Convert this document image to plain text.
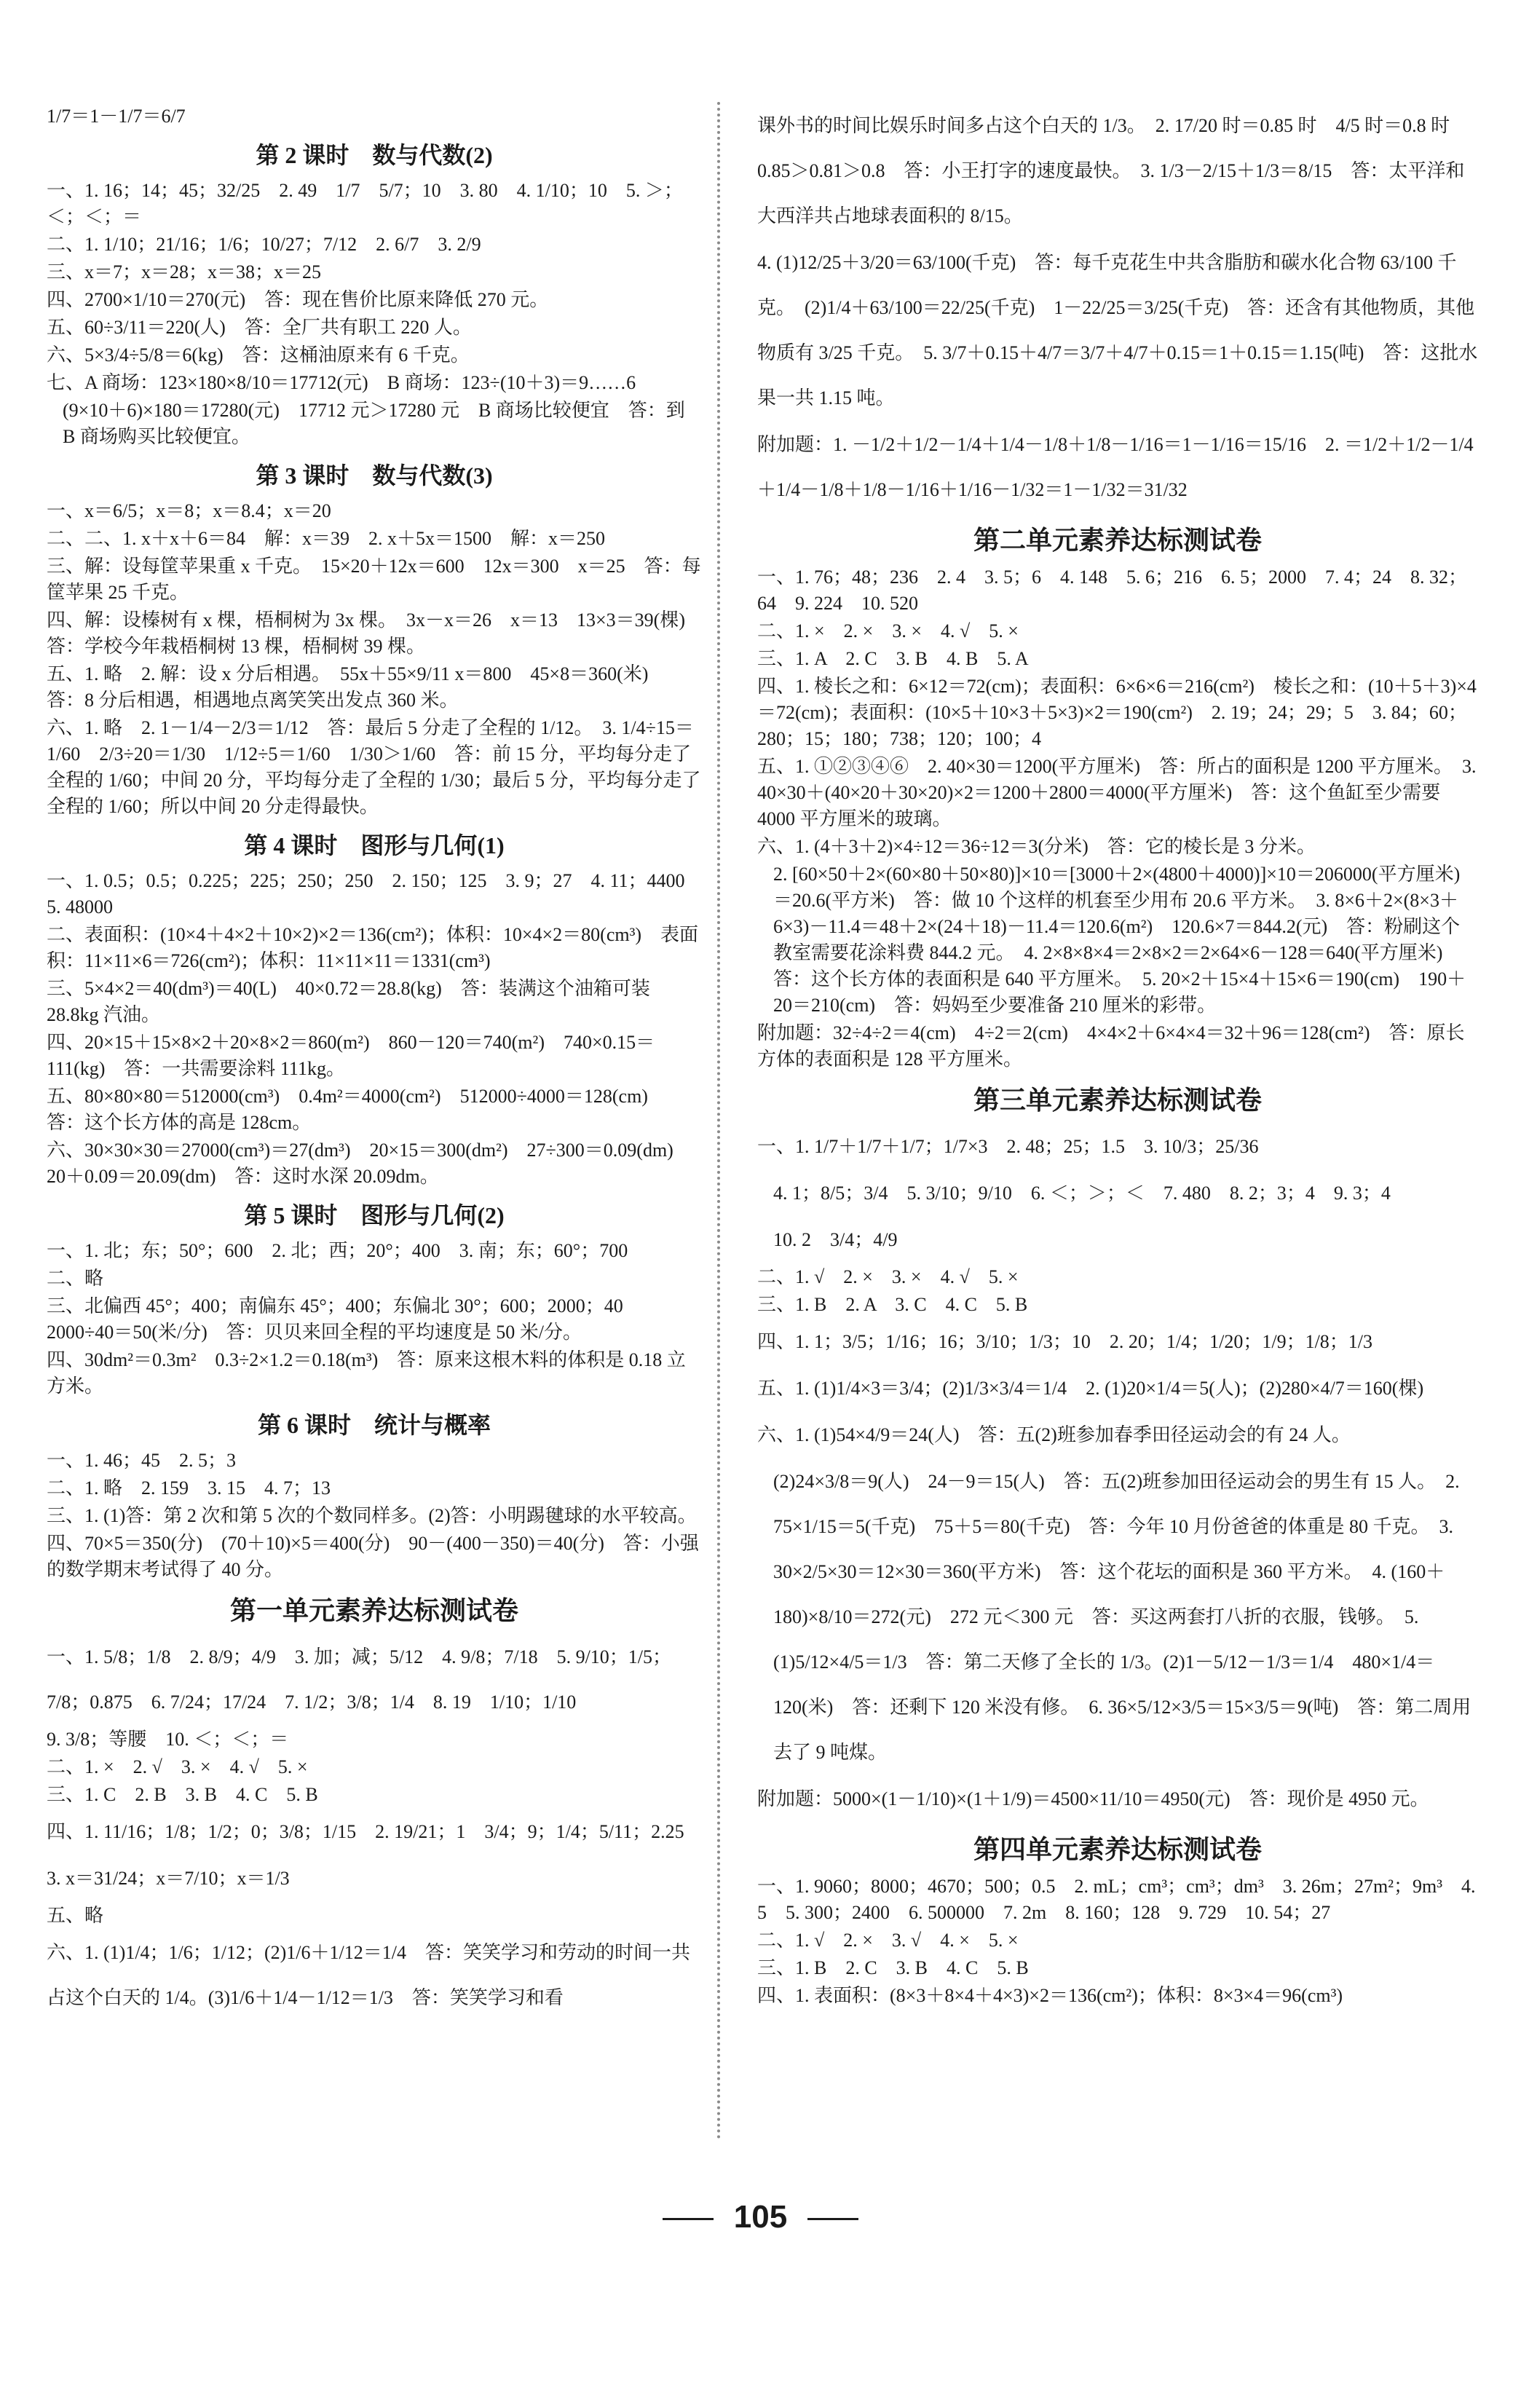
1/7＝1－1/7＝6/7
第 2 课时　数与代数(2)
一、1. 16；14；45；32/25　2. 49　1/7　5/7；10　3. 80　4. 1/10；10　5. ＞；＜；＜；＝
二、1. 1/10；21/16；1/6；10/27；7/12　2. 6/7　3. 2/9
三、x＝7；x＝28；x＝38；x＝25
四、2700×1/10＝270(元)　答：现在售价比原来降低 270 元。
五、60÷3/11＝220(人)　答：全厂共有职工 220 人。
六、5×3/4÷5/8＝6(kg)　答：这桶油原来有 6 千克。
七、A 商场：123×180×8/10＝17712(元)　B 商场：123÷(10＋3)＝9……6
(9×10＋6)×180＝17280(元)　17712 元＞17280 元　B 商场比较便宜　答：到 B 商场购买比较便宜。
第 3 课时　数与代数(3)
一、x＝6/5；x＝8；x＝8.4；x＝20
二、二、1. x＋x＋6＝84　解：x＝39　2. x＋5x＝1500　解：x＝250
三、解：设每筐苹果重 x 千克。　15×20＋12x＝600　12x＝300　x＝25　答：每筐苹果 25 千克。
四、解：设榛树有 x 棵，梧桐树为 3x 棵。　3x－x＝26　x＝13　13×3＝39(棵)　答：学校今年栽梧桐树 13 棵，梧桐树 39 棵。
五、1. 略　2. 解：设 x 分后相遇。　55x＋55×9/11 x＝800　45×8＝360(米)　答：8 分后相遇，相遇地点离笑笑出发点 360 米。
六、1. 略　2. 1－1/4－2/3＝1/12　答：最后 5 分走了全程的 1/12。　3. 1/4÷15＝1/60　2/3÷20＝1/30　1/12÷5＝1/60　1/30＞1/60　答：前 15 分，平均每分走了全程的 1/60；中间 20 分，平均每分走了全程的 1/30；最后 5 分，平均每分走了全程的 1/60；所以中间 20 分走得最快。
第 4 课时　图形与几何(1)
一、1. 0.5；0.5；0.225；225；250；250　2. 150；125　3. 9；27　4. 11；4400　5. 48000
二、表面积：(10×4＋4×2＋10×2)×2＝136(cm²)；体积：10×4×2＝80(cm³)　表面积：11×11×6＝726(cm²)；体积：11×11×11＝1331(cm³)
三、5×4×2＝40(dm³)＝40(L)　40×0.72＝28.8(kg)　答：装满这个油箱可装 28.8kg 汽油。
四、20×15＋15×8×2＋20×8×2＝860(m²)　860－120＝740(m²)　740×0.15＝111(kg)　答：一共需要涂料 111kg。
五、80×80×80＝512000(cm³)　0.4m²＝4000(cm²)　512000÷4000＝128(cm)　答：这个长方体的高是 128cm。
六、30×30×30＝27000(cm³)＝27(dm³)　20×15＝300(dm²)　27÷300＝0.09(dm)　20＋0.09＝20.09(dm)　答：这时水深 20.09dm。
第 5 课时　图形与几何(2)
一、1. 北；东；50°；600　2. 北；西；20°；400　3. 南；东；60°；700
二、略
三、北偏西 45°；400；南偏东 45°；400；东偏北 30°；600；2000；40　2000÷40＝50(米/分)　答：贝贝来回全程的平均速度是 50 米/分。
四、30dm²＝0.3m²　0.3÷2×1.2＝0.18(m³)　答：原来这根木料的体积是 0.18 立方米。
第 6 课时　统计与概率
一、1. 46；45　2. 5；3
二、1. 略　2. 159　3. 15　4. 7；13
三、1. (1)答：第 2 次和第 5 次的个数同样多。(2)答：小明踢毽球的水平较高。
四、70×5＝350(分)　(70＋10)×5＝400(分)　90－(400－350)＝40(分)　答：小强的数学期末考试得了 40 分。
第一单元素养达标测试卷
一、1. 5/8；1/8　2. 8/9；4/9　3. 加；减；5/12　4. 9/8；7/18　5. 9/10；1/5；7/8；0.875　6. 7/24；17/24　7. 1/2；3/8；1/4　8. 19　1/10；1/10
9. 3/8；等腰　10. ＜；＜；＝
二、1. ×　2. √　3. ×　4. √　5. ×
三、1. C　2. B　3. B　4. C　5. B
四、1. 11/16；1/8；1/2；0；3/8；1/15　2. 19/21；1　3/4；9；1/4；5/11；2.25
3. x＝31/24；x＝7/10；x＝1/3
五、略
六、1. (1)1/4；1/6；1/12；(2)1/6＋1/12＝1/4　答：笑笑学习和劳动的时间一共占这个白天的 1/4。(3)1/6＋1/4－1/12＝1/3　答：笑笑学习和看
课外书的时间比娱乐时间多占这个白天的 1/3。　2. 17/20 时＝0.85 时　4/5 时＝0.8 时　0.85＞0.81＞0.8　答：小王打字的速度最快。　3. 1/3－2/15＋1/3＝8/15　答：太平洋和大西洋共占地球表面积的 8/15。
4. (1)12/25＋3/20＝63/100(千克)　答：每千克花生中共含脂肪和碳水化合物 63/100 千克。　(2)1/4＋63/100＝22/25(千克)　1－22/25＝3/25(千克)　答：还含有其他物质，其他物质有 3/25 千克。　5. 3/7＋0.15＋4/7＝3/7＋4/7＋0.15＝1＋0.15＝1.15(吨)　答：这批水果一共 1.15 吨。
附加题：1. －1/2＋1/2－1/4＋1/4－1/8＋1/8－1/16＝1－1/16＝15/16　2. ＝1/2＋1/2－1/4＋1/4－1/8＋1/8－1/16＋1/16－1/32＝1－1/32＝31/32
第二单元素养达标测试卷
一、1. 76；48；236　2. 4　3. 5；6　4. 148　5. 6；216　6. 5；2000　7. 4；24　8. 32；64　9. 224　10. 520
二、1. ×　2. ×　3. ×　4. √　5. ×
三、1. A　2. C　3. B　4. B　5. A
四、1. 棱长之和：6×12＝72(cm)；表面积：6×6×6＝216(cm²)　棱长之和：(10＋5＋3)×4＝72(cm)；表面积：(10×5＋10×3＋5×3)×2＝190(cm²)　2. 19；24；29；5　3. 84；60；280；15；180；738；120；100；4
五、1. ①②③④⑥　2. 40×30＝1200(平方厘米)　答：所占的面积是 1200 平方厘米。　3. 40×30＋(40×20＋30×20)×2＝1200＋2800＝4000(平方厘米)　答：这个鱼缸至少需要 4000 平方厘米的玻璃。
六、1. (4＋3＋2)×4÷12＝36÷12＝3(分米)　答：它的棱长是 3 分米。
2. [60×50＋2×(60×80＋50×80)]×10＝[3000＋2×(4800＋4000)]×10＝206000(平方厘米)＝20.6(平方米)　答：做 10 个这样的机套至少用布 20.6 平方米。　3. 8×6＋2×(8×3＋6×3)－11.4＝48＋2×(24＋18)－11.4＝120.6(m²)　120.6×7＝844.2(元)　答：粉刷这个教室需要花涂料费 844.2 元。　4. 2×8×8×4＝2×8×2＝2×64×6－128＝640(平方厘米)　答：这个长方体的表面积是 640 平方厘米。　5. 20×2＋15×4＋15×6＝190(cm)　190＋20＝210(cm)　答：妈妈至少要准备 210 厘米的彩带。
附加题：32÷4÷2＝4(cm)　4÷2＝2(cm)　4×4×2＋6×4×4＝32＋96＝128(cm²)　答：原长方体的表面积是 128 平方厘米。
第三单元素养达标测试卷
一、1. 1/7＋1/7＋1/7；1/7×3　2. 48；25；1.5　3. 10/3；25/36
4. 1；8/5；3/4　5. 3/10；9/10　6. ＜；＞；＜　7. 480　8. 2；3；4　9. 3；4
10. 2　3/4；4/9
二、1. √　2. ×　3. ×　4. √　5. ×
三、1. B　2. A　3. C　4. C　5. B
四、1. 1；3/5；1/16；16；3/10；1/3；10　2. 20；1/4；1/20；1/9；1/8；1/3
五、1. (1)1/4×3＝3/4；(2)1/3×3/4＝1/4　2. (1)20×1/4＝5(人)；(2)280×4/7＝160(棵)
六、1. (1)54×4/9＝24(人)　答：五(2)班参加春季田径运动会的有 24 人。
(2)24×3/8＝9(人)　24－9＝15(人)　答：五(2)班参加田径运动会的男生有 15 人。　2. 75×1/15＝5(千克)　75＋5＝80(千克)　答：今年 10 月份爸爸的体重是 80 千克。　3. 30×2/5×30＝12×30＝360(平方米)　答：这个花坛的面积是 360 平方米。　4. (160＋180)×8/10＝272(元)　272 元＜300 元　答：买这两套打八折的衣服，钱够。　5. (1)5/12×4/5＝1/3　答：第二天修了全长的 1/3。(2)1－5/12－1/3＝1/4　480×1/4＝120(米)　答：还剩下 120 米没有修。　6. 36×5/12×3/5＝15×3/5＝9(吨)　答：第二周用去了 9 吨煤。
附加题：5000×(1－1/10)×(1＋1/9)＝4500×11/10＝4950(元)　答：现价是 4950 元。
第四单元素养达标测试卷
一、1. 9060；8000；4670；500；0.5　2. mL；cm³；cm³；dm³　3. 26m；27m²；9m³　4. 5　5. 300；2400　6. 500000　7. 2m　8. 160；128　9. 729　10. 54；27
二、1. √　2. ×　3. √　4. ×　5. ×
三、1. B　2. C　3. B　4. C　5. B
四、1. 表面积：(8×3＋8×4＋4×3)×2＝136(cm²)；体积：8×3×4＝96(cm³)
105
